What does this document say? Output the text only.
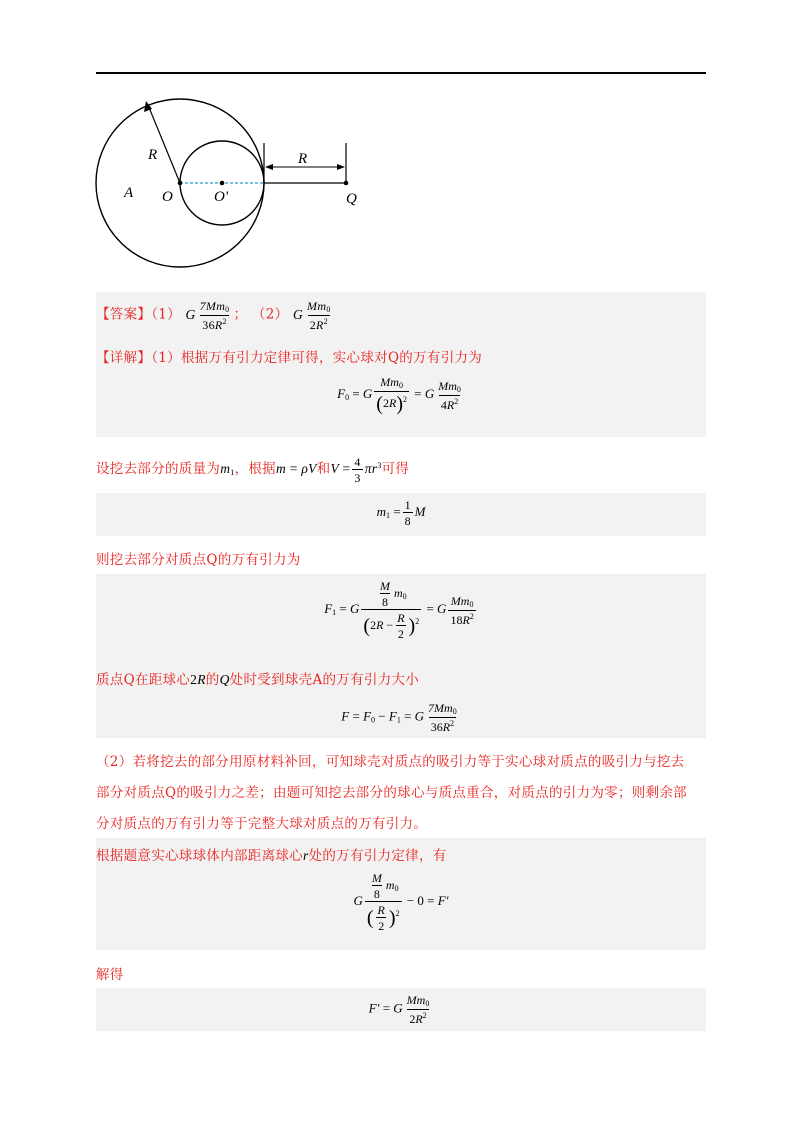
R
A O	O'
R
Q
【答案】（1） G $\frac{7Mm_0}{36R^2}$ ； （2） G $\frac{Mm_0}{2R^2}$
【详解】（1）根据万有引力定律可得，实心球对Q的万有引力为
$F_0 = G \frac{Mm_0}{(2R)^2} = G \frac{Mm_0}{4R^2}$
设挖去部分的质量为$m_1$，根据m = ρV和$V = \frac{4}{3} \pi r^3$可得
$m_1 = \frac{1}{8}$ M
则挖去部分对质点Q的万有引力为
$F_1 = G \frac{\frac{M}{8} m_0}{(2R - \frac{R}{2} )^2} = G \frac{Mm_0}{18R^2}$
质点Q在距球心2R的Q处时受到球壳A的万有引力大小
$F = F_0 - F_1 = G \frac{7Mm_0}{36R^2}$
（2）若将挖去的部分用原材料补回，可知球壳对质点的吸引力等于实心球对质点的吸引力与挖去
部分对质点Q的吸引力之差；由题可知挖去部分的球心与质点重合，对质点的引力为零；则剩余部
分对质点的万有引力等于完整大球对质点的万有引力。
根据题意实心球球体内部距离球心r处的万有引力定律，有
G $\frac{\frac{M}{8} m_0}{( \frac{R}{2} )^2} - 0 = F'$
解得
F′ = G $\frac{Mm_0}{2R^2}$
